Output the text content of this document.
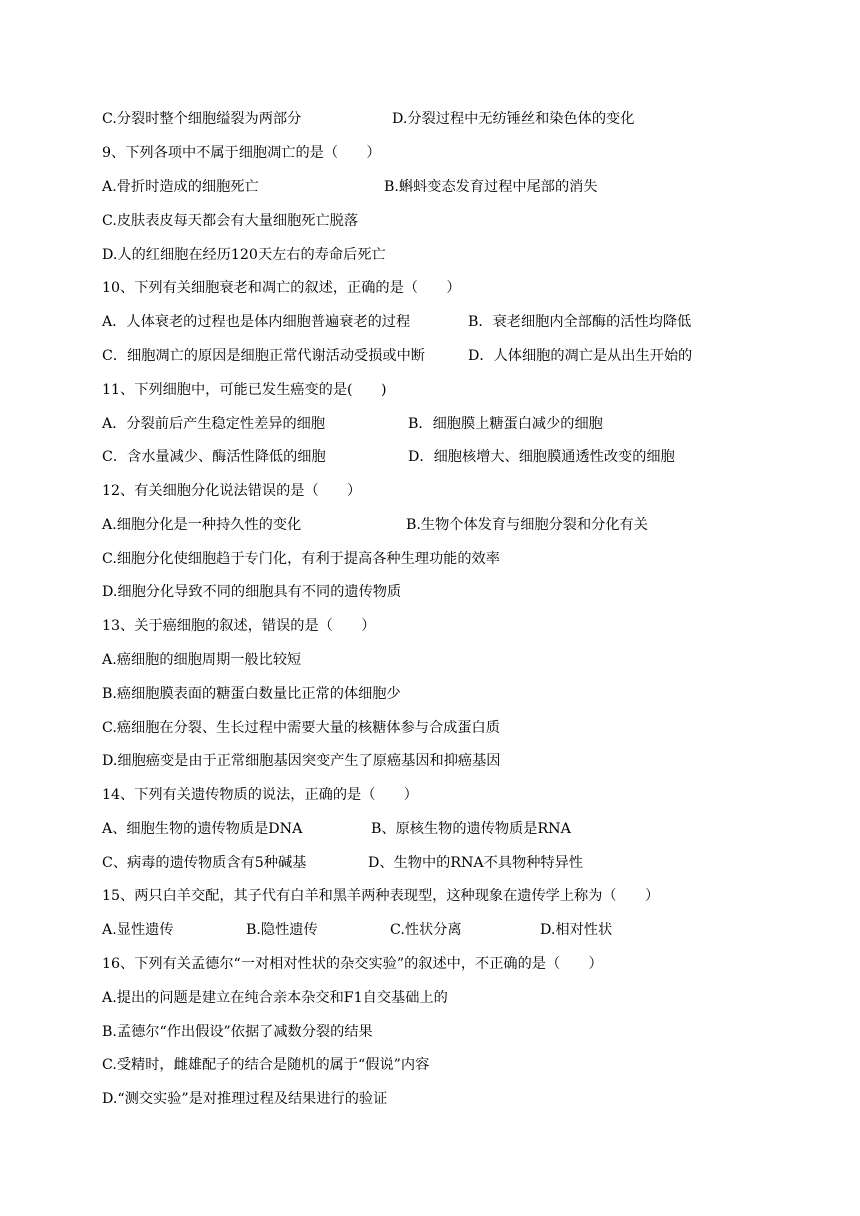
C.分裂时整个细胞缢裂为两部分	D.分裂过程中无纺锤丝和染色体的变化
9、下列各项中不属于细胞凋亡的是（　　）
A.骨折时造成的细胞死亡	B.蝌蚪变态发育过程中尾部的消失
C.皮肤表皮每天都会有大量细胞死亡脱落
D.人的红细胞在经历120天左右的寿命后死亡
10、下列有关细胞衰老和凋亡的叙述，正确的是（　　）
A．人体衰老的过程也是体内细胞普遍衰老的过程	B．衰老细胞内全部酶的活性均降低
C．细胞凋亡的原因是细胞正常代谢活动受损或中断	D．人体细胞的凋亡是从出生开始的
11、下列细胞中，可能已发生癌变的是(　　)
A．分裂前后产生稳定性差异的细胞	B．细胞膜上糖蛋白减少的细胞
C．含水量减少、酶活性降低的细胞	D．细胞核增大、细胞膜通透性改变的细胞
12、有关细胞分化说法错误的是（　　）
A.细胞分化是一种持久性的变化	B.生物个体发育与细胞分裂和分化有关
C.细胞分化使细胞趋于专门化，有利于提高各种生理功能的效率
D.细胞分化导致不同的细胞具有不同的遗传物质
13、关于癌细胞的叙述，错误的是（　　）
A.癌细胞的细胞周期一般比较短
B.癌细胞膜表面的糖蛋白数量比正常的体细胞少
C.癌细胞在分裂、生长过程中需要大量的核糖体参与合成蛋白质
D.细胞癌变是由于正常细胞基因突变产生了原癌基因和抑癌基因
14、下列有关遗传物质的说法，正确的是（　　）
A、细胞生物的遗传物质是DNA	B、原核生物的遗传物质是RNA
C、病毒的遗传物质含有5种碱基	D、生物中的RNA不具物种特异性
15、两只白羊交配，其子代有白羊和黑羊两种表现型，这种现象在遗传学上称为（　　）
A.显性遗传	B.隐性遗传	C.性状分离	D.相对性状
16、下列有关孟德尔“一对相对性状的杂交实验”的叙述中，不正确的是（　　）
A.提出的问题是建立在纯合亲本杂交和F1自交基础上的
B.孟德尔“作出假设”依据了减数分裂的结果
C.受精时，雌雄配子的结合是随机的属于“假说”内容
D.“测交实验”是对推理过程及结果进行的验证
